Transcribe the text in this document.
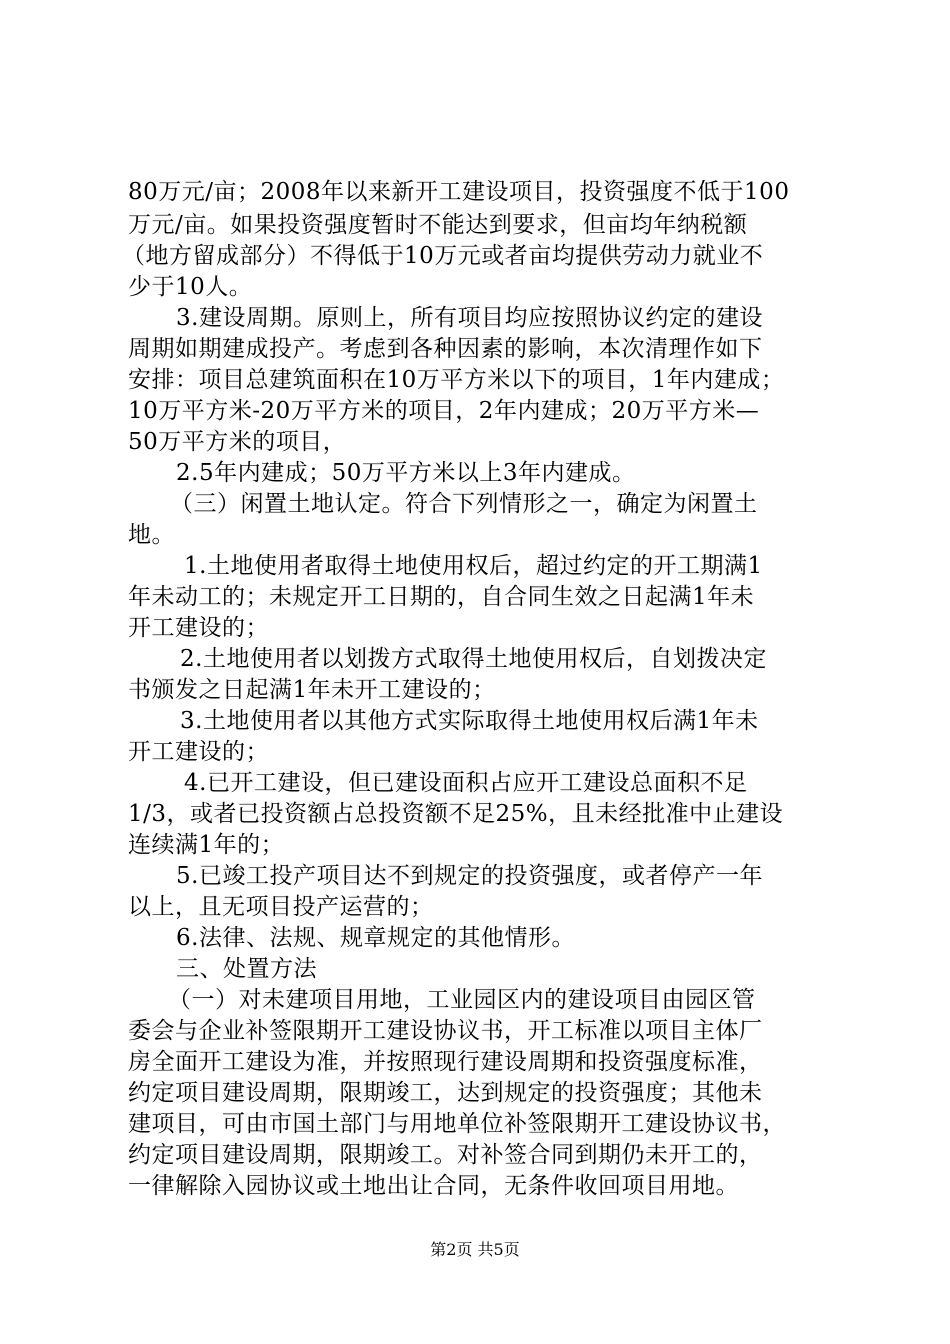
80万元/亩；2008年以来新开工建设项目，投资强度不低于100
万元/亩。如果投资强度暂时不能达到要求，但亩均年纳税额
（地方留成部分）不得低于10万元或者亩均提供劳动力就业不
少于10人。
3.建设周期。原则上，所有项目均应按照协议约定的建设
周期如期建成投产。考虑到各种因素的影响，本次清理作如下
安排：项目总建筑面积在10万平方米以下的项目，1年内建成；
10万平方米-20万平方米的项目，2年内建成；20万平方米—
50万平方米的项目，
2.5年内建成；50万平方米以上3年内建成。
（三）闲置土地认定。符合下列情形之一，确定为闲置土
地。
1.土地使用者取得土地使用权后，超过约定的开工期满1
年未动工的；未规定开工日期的，自合同生效之日起满1年未
开工建设的；
2.土地使用者以划拨方式取得土地使用权后，自划拨决定
书颁发之日起满1年未开工建设的；
3.土地使用者以其他方式实际取得土地使用权后满1年未
开工建设的；
4.已开工建设，但已建设面积占应开工建设总面积不足
1/3，或者已投资额占总投资额不足25%，且未经批准中止建设
连续满1年的；
5.已竣工投产项目达不到规定的投资强度，或者停产一年
以上，且无项目投产运营的；
6.法律、法规、规章规定的其他情形。
三、处置方法
（一）对未建项目用地，工业园区内的建设项目由园区管
委会与企业补签限期开工建设协议书，开工标准以项目主体厂
房全面开工建设为准，并按照现行建设周期和投资强度标准，
约定项目建设周期，限期竣工，达到规定的投资强度；其他未
建项目，可由市国土部门与用地单位补签限期开工建设协议书，
约定项目建设周期，限期竣工。对补签合同到期仍未开工的，
一律解除入园协议或土地出让合同，无条件收回项目用地。
第2页 共5页
